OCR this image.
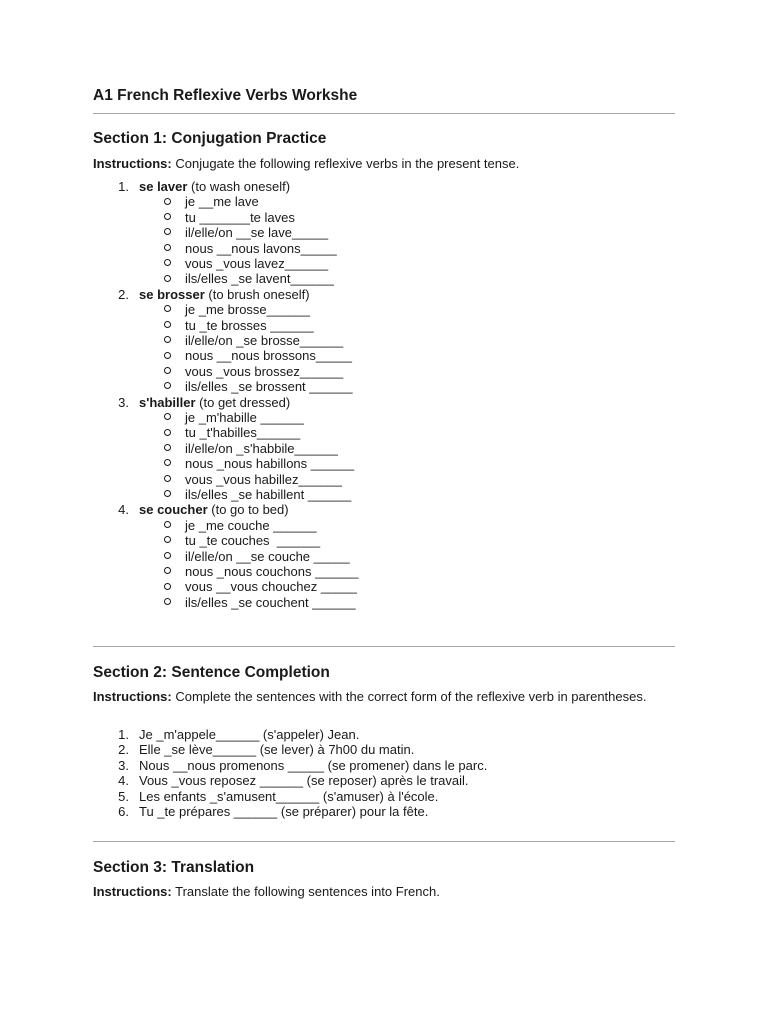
A1 French Reflexive Verbs Workshe
Section 1: Conjugation Practice

Instructions: Conjugate the following reflexive verbs in the present tense.

1. se laver (to wash oneself)
je __me lave
tu _______te laves
il/elle/on __se lave_____
nous __nous lavons_____
vous _vous lavez______
ils/elles _se lavent______
2. se brosser (to brush oneself)
je _me brosse______
tu _te brosses ______
il/elle/on _se brosse______
nous __nous brossons_____
vous _vous brossez______
ils/elles _se brossent ______
3. s'habiller (to get dressed)
je _m'habille ______
tu _t'habilles______
il/elle/on _s'habbile______
nous _nous habillons ______
vous _vous habillez______
ils/elles _se habillent ______
4. se coucher (to go to bed)
je _me couche ______
tu _te couches  ______
il/elle/on __se couche _____
nous _nous couchons ______
vous __vous chouchez _____
ils/elles _se couchent ______
Section 2: Sentence Completion

Instructions: Complete the sentences with the correct form of the reflexive verb in parentheses.

1. Je _m'appele______ (s'appeler) Jean.
2. Elle _se lève______ (se lever) à 7h00 du matin.
3. Nous __nous promenons _____ (se promener) dans le parc.
4. Vous _vous reposez ______ (se reposer) après le travail.
5. Les enfants _s'amusent______ (s'amuser) à l'école.
6. Tu _te prépares ______ (se préparer) pour la fête.
Section 3: Translation

Instructions: Translate the following sentences into French.
